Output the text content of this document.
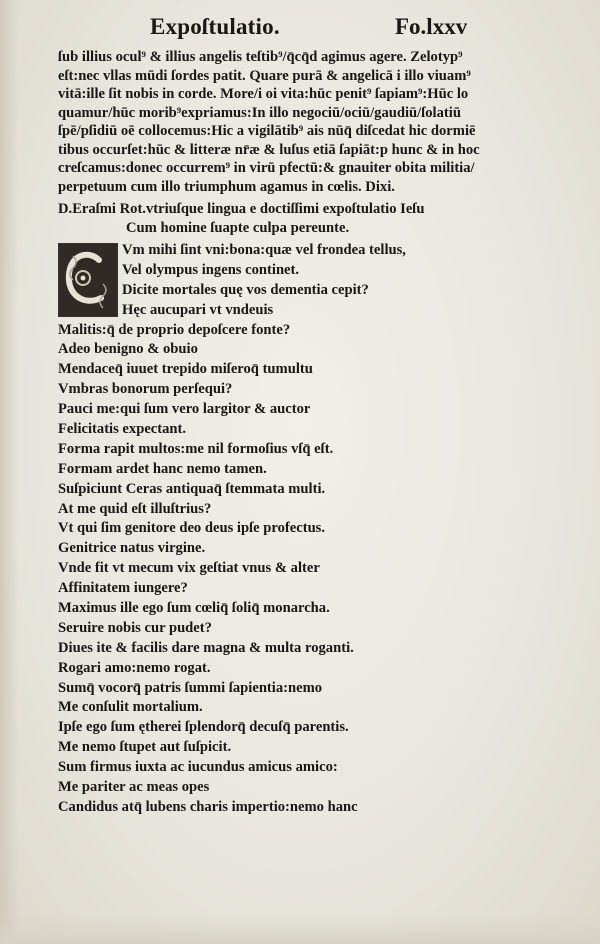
Expoſtulatio.	Fo.lxxv
ſub illius ocul⁹ & illius angelis teſtib⁹/q̄cq̄d agimus agere. Zelotyp⁹
eſt:nec vllas mūdi ſordes patit. Quare purā & angelicā i illo viuam⁹
vitā:ille ſit nobis in corde. More/i oi vita:hūc penit⁹ ſapiam⁹:Hūc lo
quamur/hūc morib⁹expriamus:In illo negociū/ociū/gaudiū/ſolatiū
ſpē/pſidiū oē collocemus:Hic a vigilātib⁹ ais nūq̄ diſcedat hic dormiē
tibus occurſet:hūc & litteræ nr̄æ & luſus etiā ſapiāt:p hunc & in hoc
creſcamus:donec occurrem⁹ in virū pfectū:& gnauiter obita militia/
perpetuum cum illo triumphum agamus in cœlis. Dixi.
D.Eraſmi Rot.vtriuſque lingua e doctiſſimi expoſtulatio Ieſu
Cum homine ſuapte culpa pereunte.
Vm mihi ſint vni:bona:quæ vel frondea tellus,
Vel olympus ingens continet.
Dicite mortales quę vos dementia cepit?
Hęc aucupari vt vndeuis
Malitis:q̄ de proprio depoſcere fonte?
Adeo benigno & obuio
Mendaceq̄ iuuet trepido miſeroq̄ tumultu
Vmbras bonorum perſequi?
Pauci me:qui ſum vero largitor & auctor
Felicitatis expectant.
Forma rapit multos:me nil formoſius vſq̄ eſt.
Formam ardet hanc nemo tamen.
Suſpiciunt Ceras antiquaq̄ ſtemmata multi.
At me quid eſt illuſtrius?
Vt qui ſim genitore deo deus ipſe profectus.
Genitrice natus virgine.
Vnde fit vt mecum vix geſtiat vnus & alter
Affinitatem iungere?
Maximus ille ego ſum cœliq̄ ſoliq̄ monarcha.
Seruire nobis cur pudet?
Diues ite & facilis dare magna & multa roganti.
Rogari amo:nemo rogat.
Sumq̄ vocorq̄ patris ſummi ſapientia:nemo
Me conſulit mortalium.
Ipſe ego ſum ętherei ſplendorq̄ decuſq̄ parentis.
Me nemo ſtupet aut ſuſpicit.
Sum firmus iuxta ac iucundus amicus amico:
Me pariter ac meas opes
Candidus atq̄ lubens charis impertio:nemo hanc
